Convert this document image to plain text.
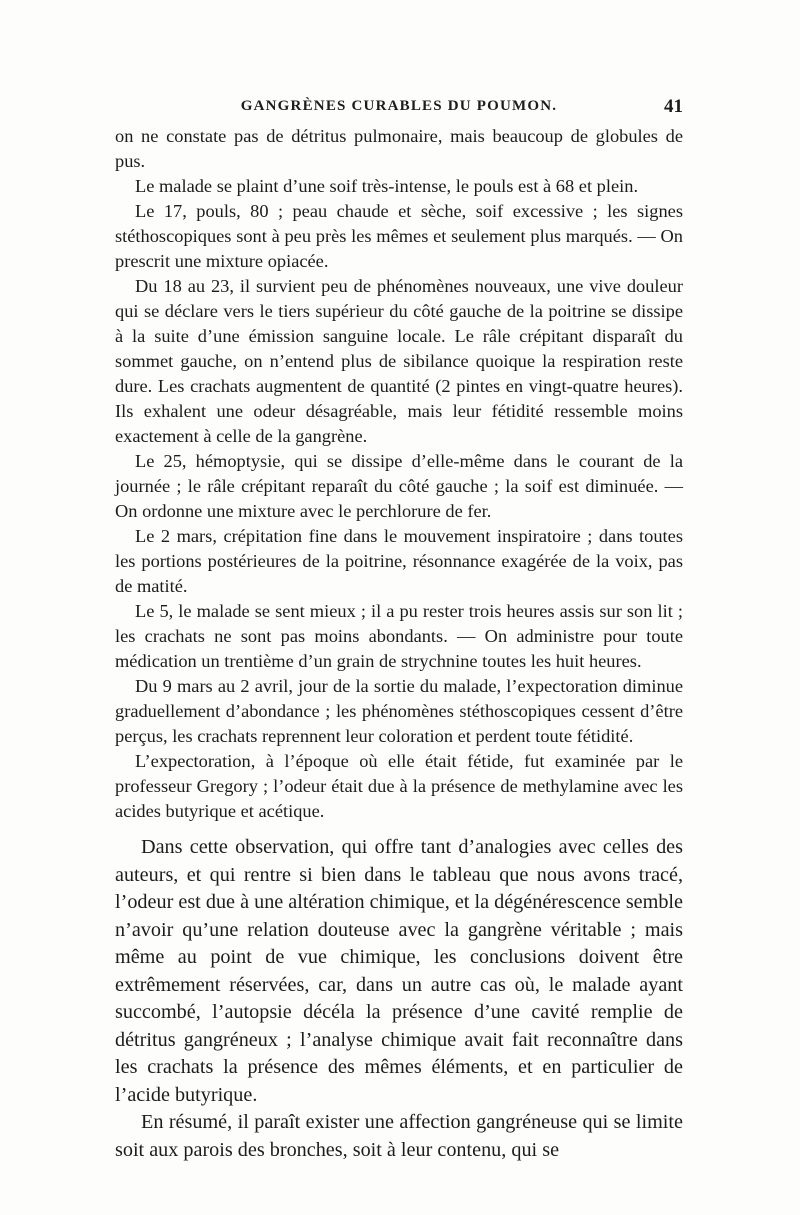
GANGRÈNES CURABLES DU POUMON.	41

on ne constate pas de détritus pulmonaire, mais beaucoup de globules de pus.

Le malade se plaint d’une soif très-intense, le pouls est à 68 et plein.

Le 17, pouls, 80 ; peau chaude et sèche, soif excessive ; les signes stéthoscopiques sont à peu près les mêmes et seulement plus marqués. — On prescrit une mixture opiacée.

Du 18 au 23, il survient peu de phénomènes nouveaux, une vive douleur qui se déclare vers le tiers supérieur du côté gauche de la poitrine se dissipe à la suite d’une émission sanguine locale. Le râle crépitant disparaît du sommet gauche, on n’entend plus de sibilance quoique la respiration reste dure. Les crachats augmentent de quantité (2 pintes en vingt-quatre heures). Ils exhalent une odeur désagréable, mais leur fétidité ressemble moins exactement à celle de la gangrène.

Le 25, hémoptysie, qui se dissipe d’elle-même dans le courant de la journée ; le râle crépitant reparaît du côté gauche ; la soif est diminuée. — On ordonne une mixture avec le perchlorure de fer.

Le 2 mars, crépitation fine dans le mouvement inspiratoire ; dans toutes les portions postérieures de la poitrine, résonnance exagérée de la voix, pas de matité.

Le 5, le malade se sent mieux ; il a pu rester trois heures assis sur son lit ; les crachats ne sont pas moins abondants. — On administre pour toute médication un trentième d’un grain de strychnine toutes les huit heures.

Du 9 mars au 2 avril, jour de la sortie du malade, l’expectoration diminue graduellement d’abondance ; les phénomènes stéthoscopiques cessent d’être perçus, les crachats reprennent leur coloration et perdent toute fétidité.

L’expectoration, à l’époque où elle était fétide, fut examinée par le professeur Gregory ; l’odeur était due à la présence de methylamine avec les acides butyrique et acétique.

Dans cette observation, qui offre tant d’analogies avec celles des auteurs, et qui rentre si bien dans le tableau que nous avons tracé, l’odeur est due à une altération chimique, et la dégénérescence semble n’avoir qu’une relation douteuse avec la gangrène véritable ; mais même au point de vue chimique, les conclusions doivent être extrêmement réservées, car, dans un autre cas où, le malade ayant succombé, l’autopsie décéla la présence d’une cavité remplie de détritus gangréneux ; l’analyse chimique avait fait reconnaître dans les crachats la présence des mêmes éléments, et en particulier de l’acide butyrique.

En résumé, il paraît exister une affection gangréneuse qui se limite soit aux parois des bronches, soit à leur contenu, qui se
